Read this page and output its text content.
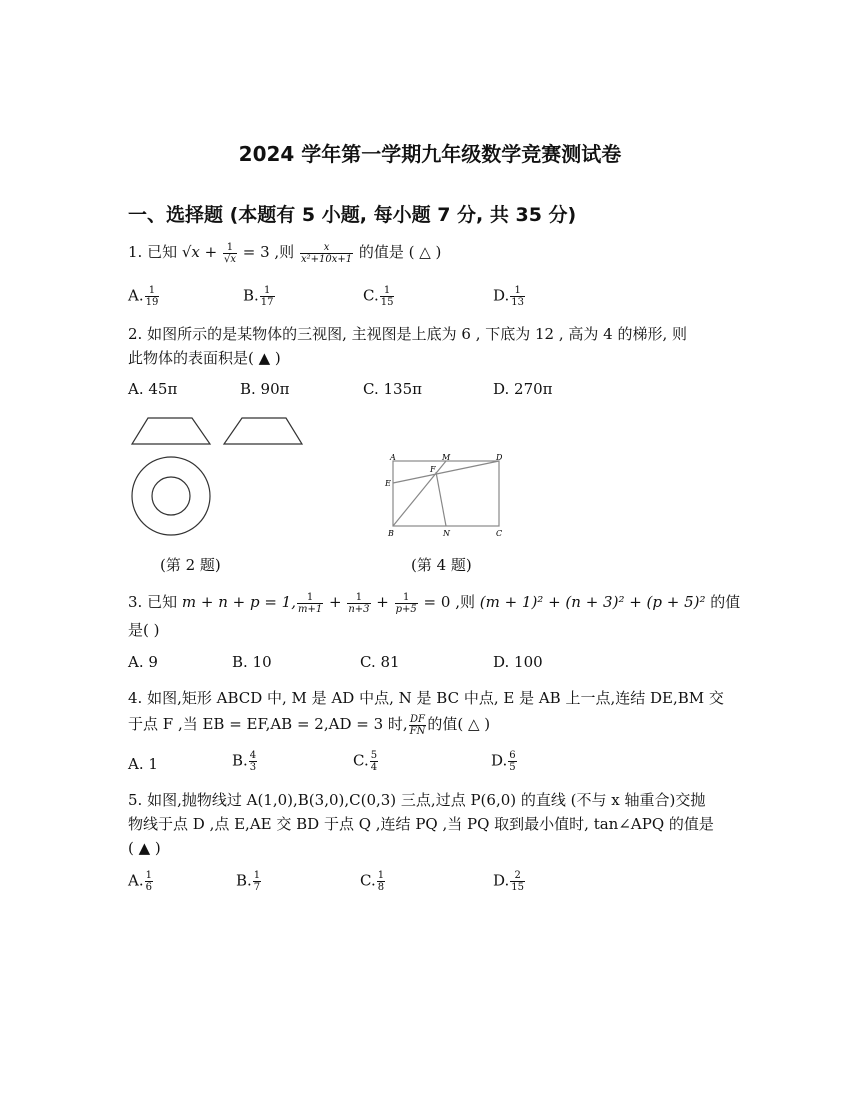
2024 学年第一学期九年级数学竞赛测试卷
一、选择题 (本题有 5 小题, 每小题 7 分, 共 35 分)
1. 已知 $√x + \frac{1}{√x} = 3$ ,则 $\frac{x}{\text{x²+10x+1}}$ 的值是 ( △ )
A. $\frac{1}{19}$	B. $\frac{1}{17}$	C. $\frac{1}{15}$	D. $\frac{1}{13}$
2. 如图所示的是某物体的三视图, 主视图是上底为 6 , 下底为 12 , 高为 4 的梯形, 则
此物体的表面积是( ▲ )
A. 45π	B. 90π	C. 135π	D. 270π
A	M	D
E
F
B	N	C
(第 2 题)	(第 4 题)
3. 已知 m + n + p = 1, $\frac{1}{m+1} + \frac{1}{n+3} + \frac{1}{p+5} = 0$ ,则 (m + 1)² + (n + 3)² + (p + 5)² 的值
是( )
A. 9	B. 10	C. 81	D. 100
4. 如图,矩形 ABCD 中, M 是 AD 中点, N 是 BC 中点, E 是 AB 上一点,连结 DE,BM 交
于点 F ,当 EB = EF,AB = 2,AD = 3 时, $\frac{DF}{FN}$ 的值( △ )
A. 1	B. $\frac{4}{3}$	C. $\frac{5}{4}$	D. $\frac{6}{5}$
5. 如图,抛物线过 A(1,0),B(3,0),C(0,3) 三点,过点 P(6,0) 的直线 (不与 x 轴重合)交抛
物线于点 D ,点 E,AE 交 BD 于点 Q ,连结 PQ ,当 PQ 取到最小值时, tan∠APQ 的值是
( ▲ )
A. $\frac{1}{6}$	B. $\frac{1}{7}$	C. $\frac{1}{8}$	D. $\frac{2}{15}$
